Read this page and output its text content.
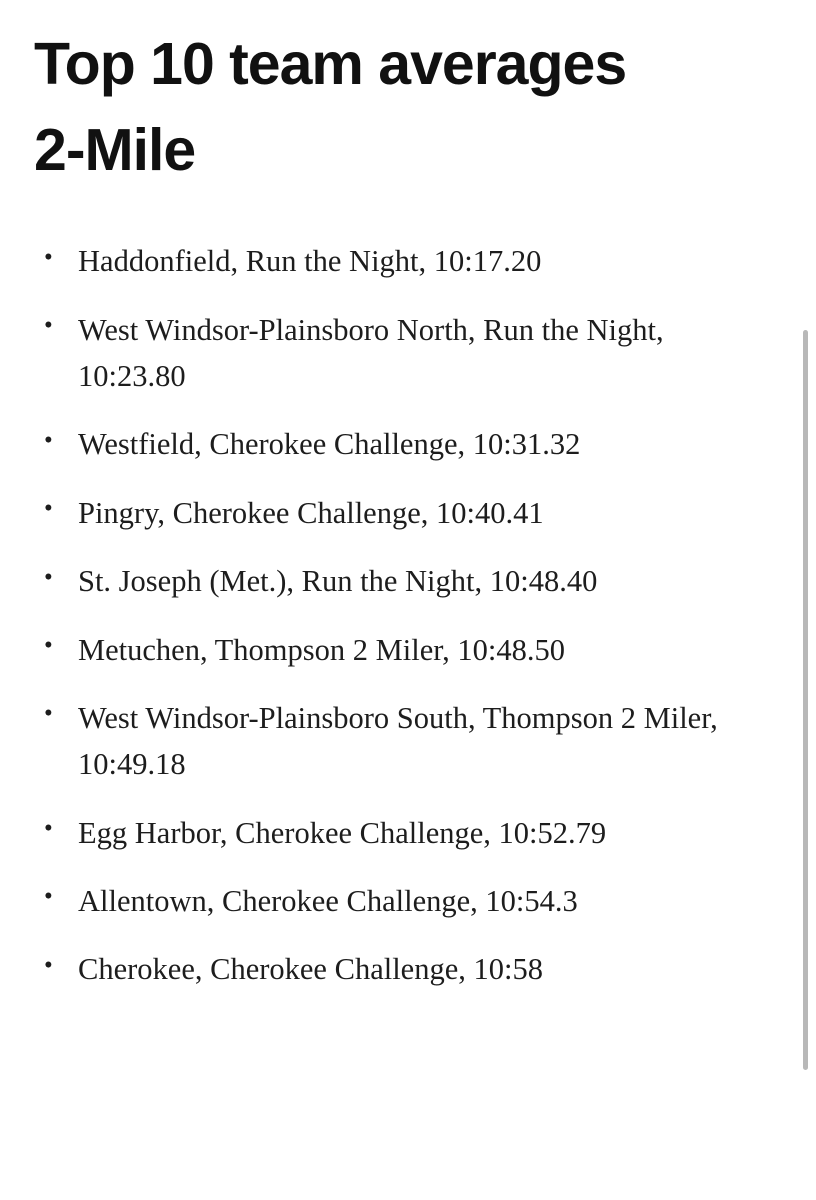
Top 10 team averages
2-Mile
• Haddonfield, Run the Night, 10:17.20
• West Windsor-Plainsboro North, Run the Night, 10:23.80
• Westfield, Cherokee Challenge, 10:31.32
• Pingry, Cherokee Challenge, 10:40.41
• St. Joseph (Met.), Run the Night, 10:48.40
• Metuchen, Thompson 2 Miler, 10:48.50
• West Windsor-Plainsboro South, Thompson 2 Miler, 10:49.18
• Egg Harbor, Cherokee Challenge, 10:52.79
• Allentown, Cherokee Challenge, 10:54.3
• Cherokee, Cherokee Challenge, 10:58
